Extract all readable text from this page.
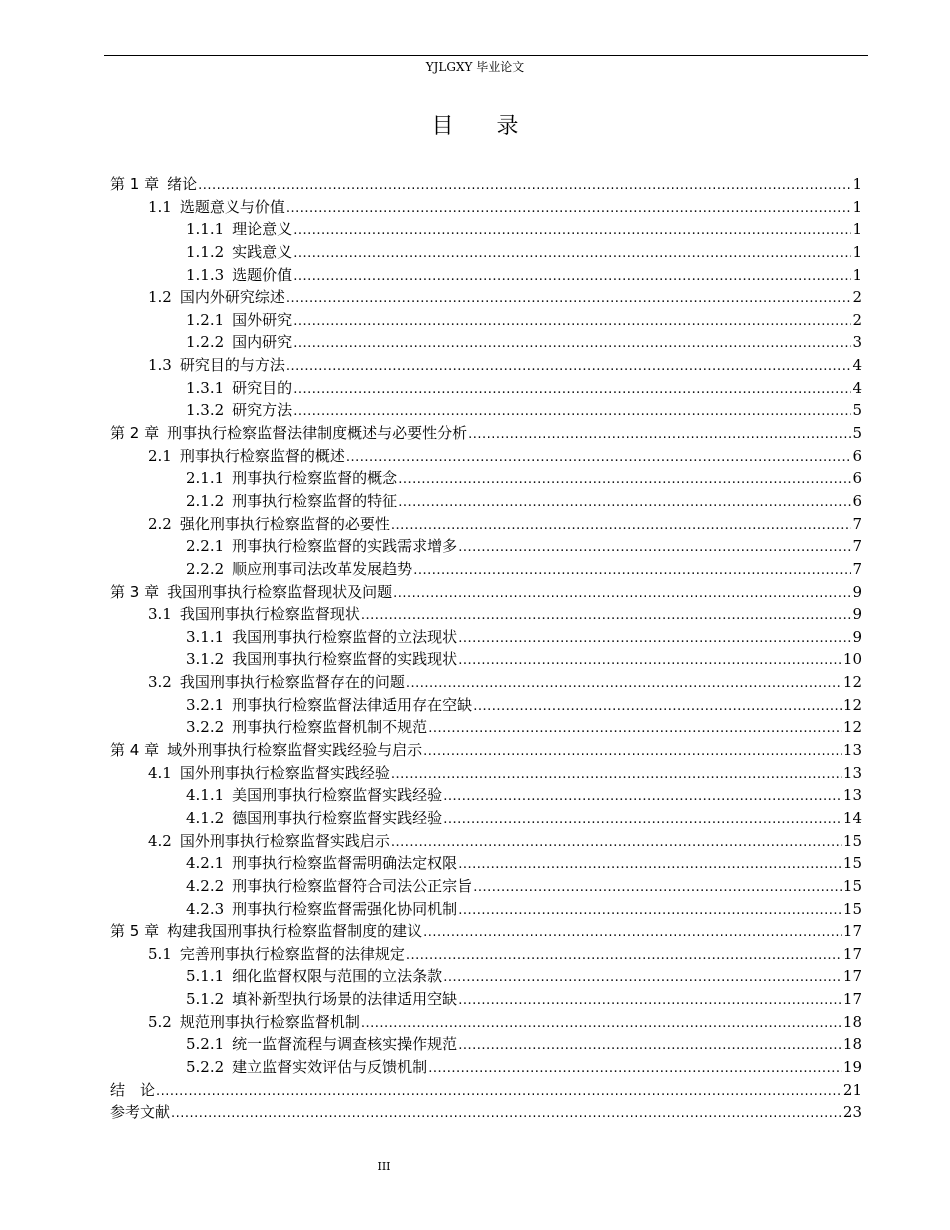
YJLGXY 毕业论文
目 录
第 1 章 绪论 .....	1
1.1 选题意义与价值 .....	1
1.1.1 理论意义 .....	1
1.1.2 实践意义 .....	1
1.1.3 选题价值 .....	1
1.2 国内外研究综述 .....	2
1.2.1 国外研究 .....	2
1.2.2 国内研究 .....	3
1.3 研究目的与方法 .....	4
1.3.1 研究目的 .....	4
1.3.2 研究方法 .....	5
第 2 章 刑事执行检察监督法律制度概述与必要性分析 .....	5
2.1 刑事执行检察监督的概述 .....	6
2.1.1 刑事执行检察监督的概念 .....	6
2.1.2 刑事执行检察监督的特征 .....	6
2.2 强化刑事执行检察监督的必要性 .....	7
2.2.1 刑事执行检察监督的实践需求增多 .....	7
2.2.2 顺应刑事司法改革发展趋势 .....	7
第 3 章 我国刑事执行检察监督现状及问题 .....	9
3.1 我国刑事执行检察监督现状 .....	9
3.1.1 我国刑事执行检察监督的立法现状 .....	9
3.1.2 我国刑事执行检察监督的实践现状 .....	10
3.2 我国刑事执行检察监督存在的问题 .....	12
3.2.1 刑事执行检察监督法律适用存在空缺 .....	12
3.2.2 刑事执行检察监督机制不规范 .....	12
第 4 章 域外刑事执行检察监督实践经验与启示 .....	13
4.1 国外刑事执行检察监督实践经验 .....	13
4.1.1 美国刑事执行检察监督实践经验 .....	13
4.1.2 德国刑事执行检察监督实践经验 .....	14
4.2 国外刑事执行检察监督实践启示 .....	15
4.2.1 刑事执行检察监督需明确法定权限 .....	15
4.2.2 刑事执行检察监督符合司法公正宗旨 .....	15
4.2.3 刑事执行检察监督需强化协同机制 .....	15
第 5 章 构建我国刑事执行检察监督制度的建议 .....	17
5.1 完善刑事执行检察监督的法律规定 .....	17
5.1.1 细化监督权限与范围的立法条款 .....	17
5.1.2 填补新型执行场景的法律适用空缺 .....	17
5.2 规范刑事执行检察监督机制 .....	18
5.2.1 统一监督流程与调查核实操作规范 .....	18
5.2.2 建立监督实效评估与反馈机制 .....	19
结　论 .....	21
参考文献 .....	23
III
